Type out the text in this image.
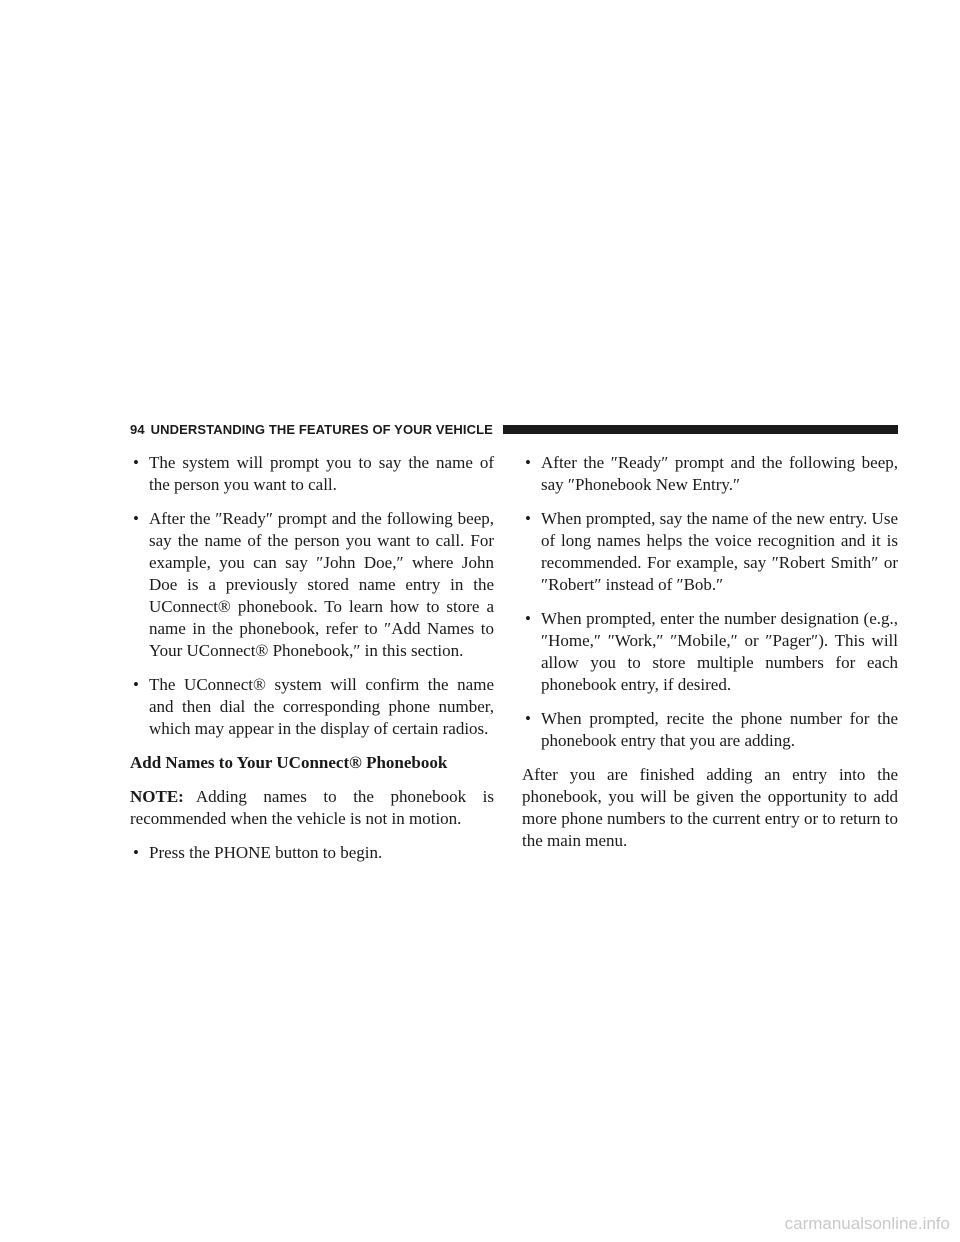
94 UNDERSTANDING THE FEATURES OF YOUR VEHICLE
• The system will prompt you to say the name of the person you want to call.
• After the ″Ready″ prompt and the following beep, say the name of the person you want to call. For example, you can say ″John Doe,″ where John Doe is a previously stored name entry in the UConnect® phonebook. To learn how to store a name in the phonebook, refer to ″Add Names to Your UConnect® Phonebook,″ in this section.
• The UConnect® system will confirm the name and then dial the corresponding phone number, which may appear in the display of certain radios.
Add Names to Your UConnect® Phonebook
NOTE: Adding names to the phonebook is recommended when the vehicle is not in motion.
• Press the PHONE button to begin.
• After the ″Ready″ prompt and the following beep, say ″Phonebook New Entry.″
• When prompted, say the name of the new entry. Use of long names helps the voice recognition and it is recommended. For example, say ″Robert Smith″ or ″Robert″ instead of ″Bob.″
• When prompted, enter the number designation (e.g., ″Home,″ ″Work,″ ″Mobile,″ or ″Pager″). This will allow you to store multiple numbers for each phonebook entry, if desired.
• When prompted, recite the phone number for the phonebook entry that you are adding.
After you are finished adding an entry into the phonebook, you will be given the opportunity to add more phone numbers to the current entry or to return to the main menu.
carmanualsonline.info
